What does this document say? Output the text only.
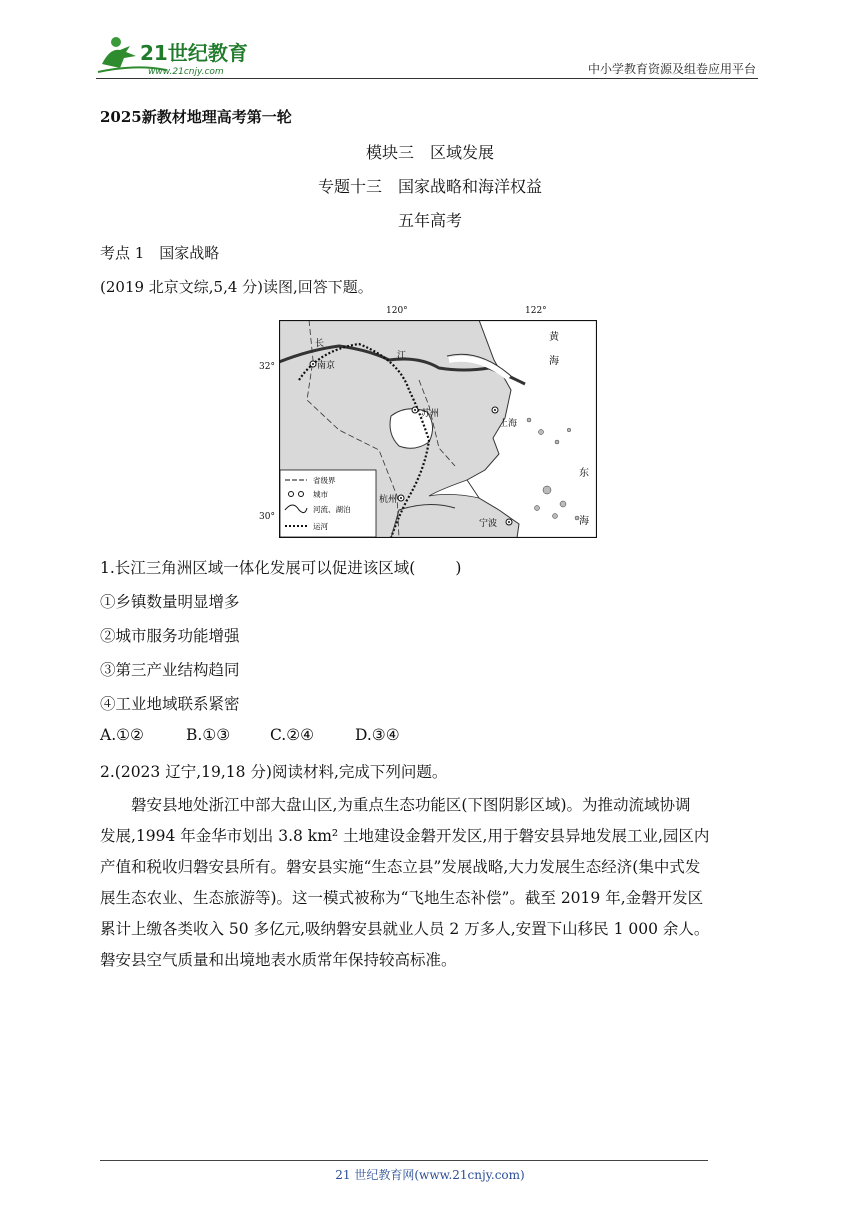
21世纪教育
www.21cnjy.com	中小学教育资源及组卷应用平台
2025新教材地理高考第一轮
模块三　区域发展
专题十三　国家战略和海洋权益
五年高考
考点 1　国家战略
(2019 北京文综,5,4 分)读图,回答下题。
长
江
南京
苏州
上海
杭州
宁波
黄
海
东
海
省级界
城市
河流、湖泊
运河
120°	122°
32°
30°
1.长江三角洲区域一体化发展可以促进该区域(	)
①乡镇数量明显增多
②城市服务功能增强
③第三产业结构趋同
④工业地域联系紧密
A.①②	B.①③	C.②④	D.③④
2.(2023 辽宁,19,18 分)阅读材料,完成下列问题。
磐安县地处浙江中部大盘山区,为重点生态功能区(下图阴影区域)。为推动流域协调
发展,1994 年金华市划出 3.8 km² 土地建设金磐开发区,用于磐安县异地发展工业,园区内
产值和税收归磐安县所有。磐安县实施“生态立县”发展战略,大力发展生态经济(集中式发
展生态农业、生态旅游等)。这一模式被称为“飞地生态补偿”。截至 2019 年,金磐开发区
累计上缴各类收入 50 多亿元,吸纳磐安县就业人员 2 万多人,安置下山移民 1 000 余人。
磐安县空气质量和出境地表水质常年保持较高标准。
21 世纪教育网(www.21cnjy.com)
